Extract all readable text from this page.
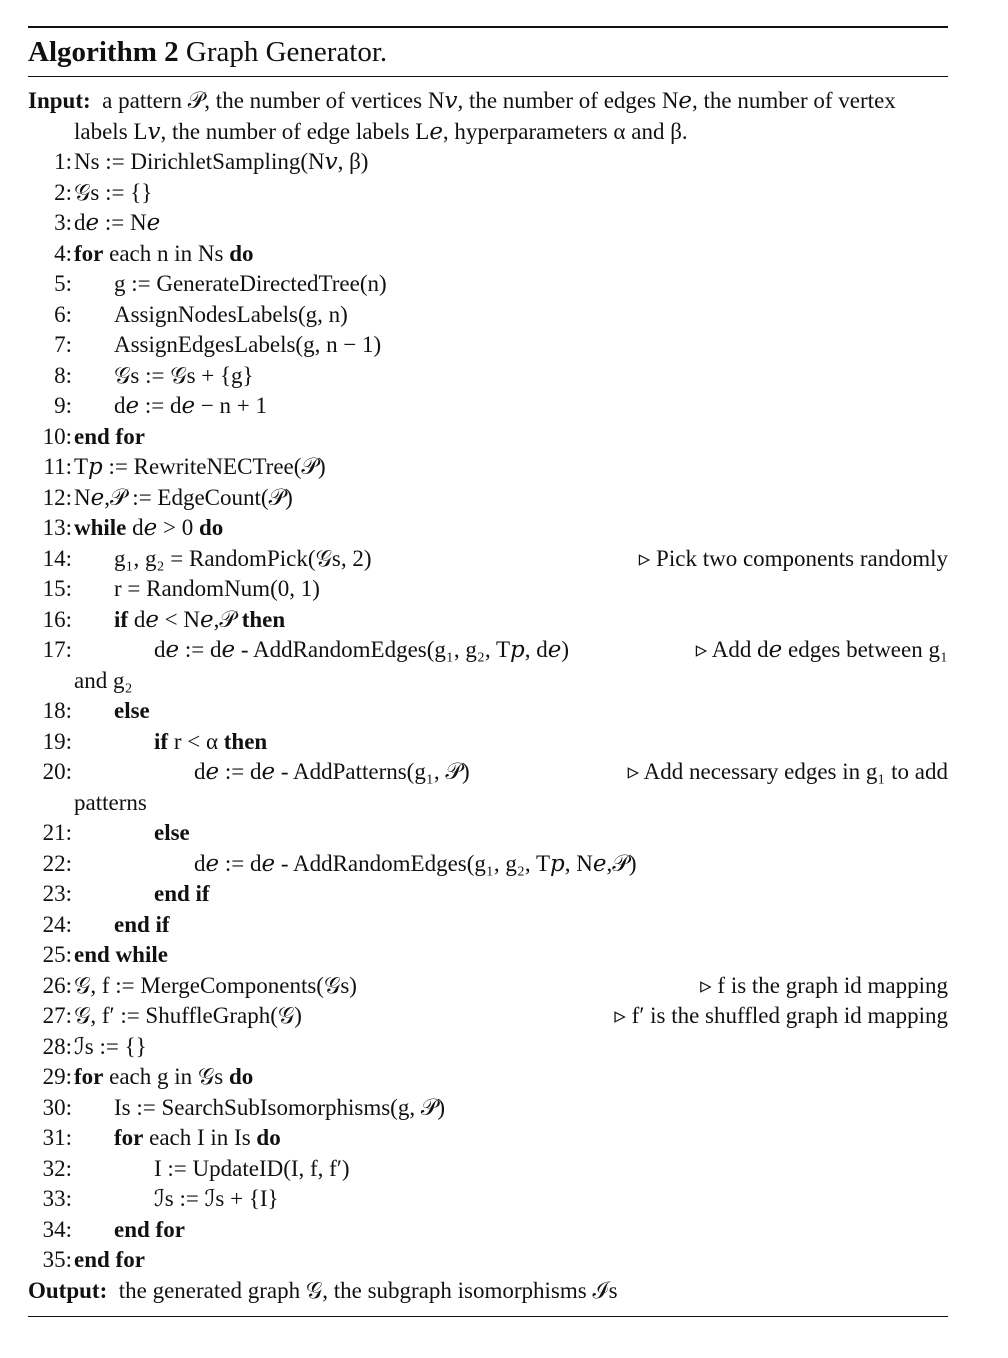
Algorithm 2 Graph Generator.
Input: a pattern 𝒫, the number of vertices N𝑣, the number of edges N𝑒, the number of vertex labels L𝑣, the number of edge labels L𝑒, hyperparameters α and β.
1:Ns := DirichletSampling(N𝑣, β)
2:𝒢s := {}
3:d𝑒 := N𝑒
4:for each n in Ns do
5: g := GenerateDirectedTree(n)
6: AssignNodesLabels(g, n)
7: AssignEdgesLabels(g, n − 1)
8: 𝒢s := 𝒢s + {g}
9: d𝑒 := d𝑒 − n + 1
10:end for
11:T𝑝 := RewriteNECTree(𝒫)
12:N𝑒,𝒫 := EdgeCount(𝒫)
13:while d𝑒 > 0 do
14: g₁, g₂ = RandomPick(𝒢s, 2)	▹ Pick two components randomly
15: r = RandomNum(0, 1)
16: if d𝑒 < N𝑒,𝒫 then
17:	d𝑒 := d𝑒 - AddRandomEdges(g₁, g₂, T𝑝, d𝑒)	▹ Add d𝑒 edges between g₁
and g₂
18: else
19:	if r < α then
20:	d𝑒 := d𝑒 - AddPatterns(g₁, 𝒫)	▹ Add necessary edges in g₁ to add
patterns
21:	else
22:	d𝑒 := d𝑒 - AddRandomEdges(g₁, g₂, T𝑝, N𝑒,𝒫)
23:	end if
24: end if
25:end while
26:𝒢, f := MergeComponents(𝒢s)	▹ f is the graph id mapping
27:𝒢, f′ := ShuffleGraph(𝒢)	▹ f′ is the shuffled graph id mapping
28:ℐs := {}
29:for each g in 𝒢s do
30: Is := SearchSubIsomorphisms(g, 𝒫)
31: for each I in Is do
32:	I := UpdateID(I, f, f′)
33:	ℐs := ℐs + {I}
34: end for
35:end for
Output: the generated graph 𝒢, the subgraph isomorphisms ℐs
